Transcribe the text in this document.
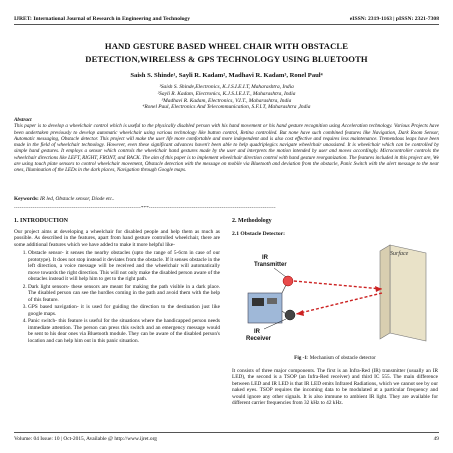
IJRET: International Journal of Research in Engineering and Technology	eISSN: 2319-1163 | pISSN: 2321-7308
HAND GESTURE BASED WHEEL CHAIR WITH OBSTACLE
DETECTION,WIRELESS & GPS TECHNOLOGY USING BLUETOOTH
Saish S. Shinde¹, Sayli R. Kadam², Madhavi R. Kadam³, Ronel Paul⁴
¹Saish S. Shinde,Electronics, K.J.S.I.E.I.T, Maharashtra, India
²Sayli R. Kadam, Electronics, K.J.S.I.E.I.T., Maharashtra, India
³Madhavi R. Kadam, Electronics, V.I.T., Maharashtra, India
⁴Ronel Paul, Electronics And Telecommunication, S.F.I.T, Maharashtra ,India
Abstract
This paper is to develop a wheelchair control which is useful to the physically disabled person with his hand movement or his hand gesture recognition using Acceleration technology. Various Projects have been undertaken previously to develop automatic wheelchair using various technology like button control, Retina controlled. But none have such combined features like Navigation, Dark Room Sensor, Automatic messaging, Obstacle detector. This project will make the user life more comfortable and more independent and is also cost effective and requires less maintenance. Tremendous leaps have been made in the field of wheelchair technology. However, even these significant advances haven't been able to help quadriplegics navigate wheelchair unassisted. It is wheelchair which can be controlled by simple hand gestures. It employs a sensor which controls the wheelchair hand gestures made by the user and interprets the motion intended by user and moves accordingly. Microcontroller controls the wheelchair directions like LEFT, RIGHT, FRONT, and BACK. The aim of this paper is to implement wheelchair direction control with hand gesture reorganization. The features included in this project are, We are using touch plate sensors to control wheelchair movement, Obstacle detection with the message on mobile via Bluetooth and deviation from the obstacle, Panic Switch with the alert message to the near ones, Illumination of the LEDs in the dark places, Navigation through Google maps.
Keywords: IR led, Obstacle sensor, Diode etc..
--------------------------------------------------------------------***--------------------------------------------------------------------
1. INTRODUCTION

Our project aims at developing a wheelchair for disabled people and help them as much as possible. As described in the features, apart from hand gesture controlled wheelchair, there are some additional features which we have added to make it more helpful like-

1. Obstacle sensor- it senses the nearby obstacles (upto the range of 5-6cm in case of our prototype). It does not stop instead it deviates from the obstacle. If it senses obstacle in the left direction, a voice message will be received and the wheelchair will automatically move towards the right direction. This will not only make the disabled person aware of the obstacles instead it will help him to get to the right path.
2. Dark light sensors- these sensors are meant for making the path visible in a dark place. The disabled person can see the hurdles coming in the path and avoid them with the help of this feature.
3. GPS based navigation- it is used for guiding the direction to the destination just like google maps.
4. Panic switch- this feature is useful for the situations where the handicapped person needs immediate attention. The person can press this switch and an emergency message would be sent to his dear ones via Bluetooth module. They can be aware of the disabled person's location and can help him out in this panic situation.
2. Methodology
2.1 Obstacle Detector:
Surface
IR Transmitter
IR Receiver
Fig -1: Mechanism of obstacle detector

It consists of three major components. The first is an Infra-Red (IR) transmitter (usually an IR LED), the second is a TSOP (an Infra-Red receiver) and third IC 555. The main difference between LED and IR LED is that IR LED emits Infrared Radiations, which we cannot see by our naked eyes. TSOP requires the incoming data to be modulated at a particular frequency and would ignore any other signals. It is also immune to ambient IR light. They are available for different carrier frequencies from 32 kHz to 42 kHz.

Volume: 04 Issue: 10 | Oct-2015, Available @ http://www.ijret.org	49
